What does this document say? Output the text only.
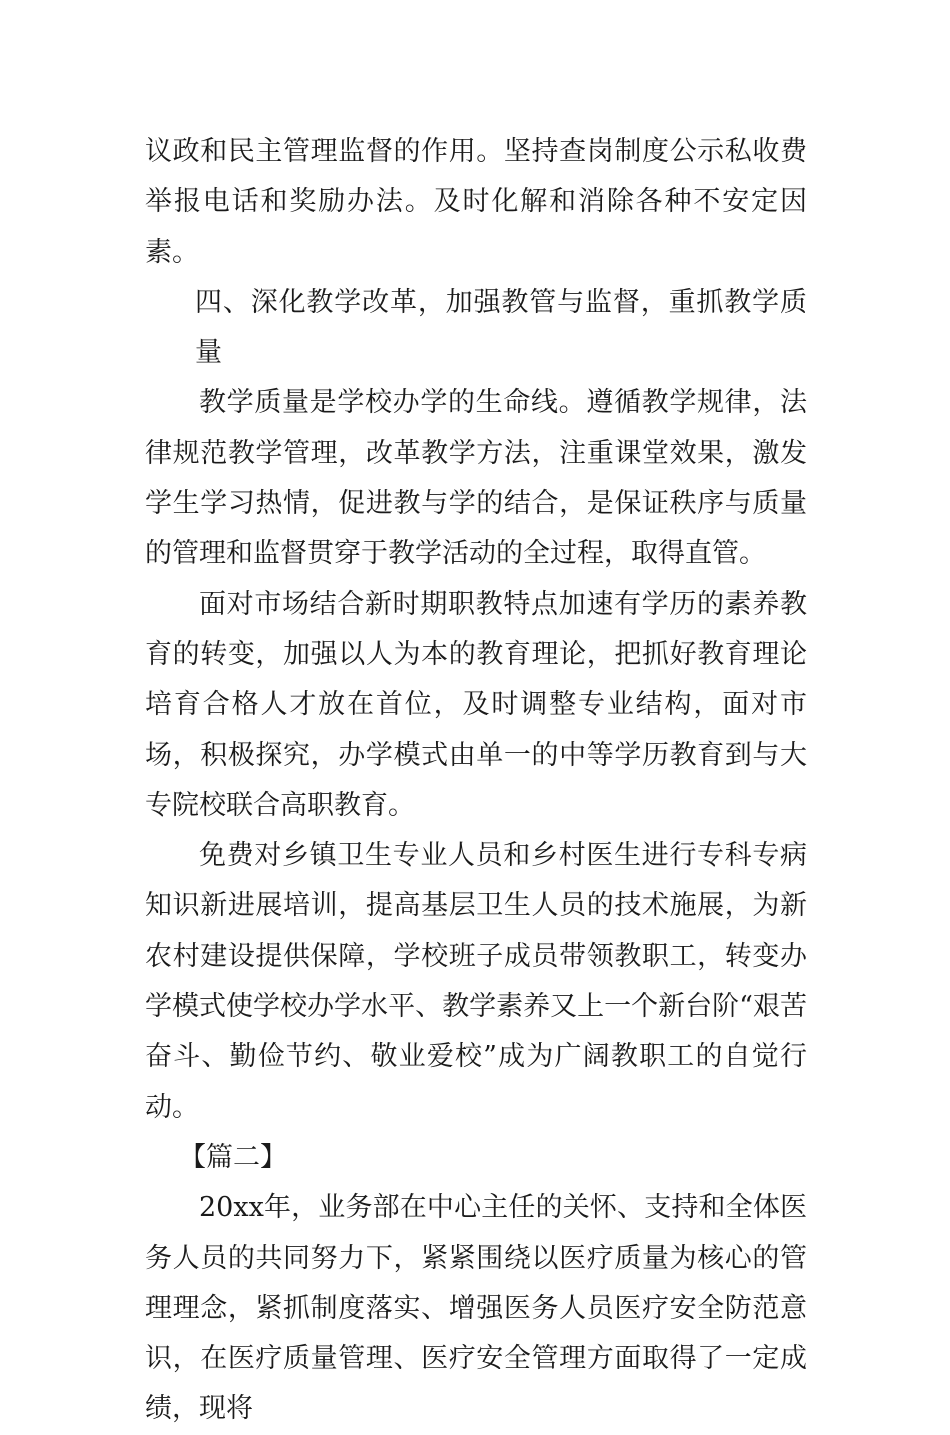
议政和民主管理监督的作用。坚持查岗制度公示私收费举报电话和奖励办法。及时化解和消除各种不安定因素。

四、深化教学改革，加强教管与监督，重抓教学质量

教学质量是学校办学的生命线。遵循教学规律，法律规范教学管理，改革教学方法，注重课堂效果，激发学生学习热情，促进教与学的结合，是保证秩序与质量的管理和监督贯穿于教学活动的全过程，取得直管。

面对市场结合新时期职教特点加速有学历的素养教育的转变，加强以人为本的教育理论，把抓好教育理论培育合格人才放在首位，及时调整专业结构，面对市场，积极探究，办学模式由单一的中等学历教育到与大专院校联合高职教育。

免费对乡镇卫生专业人员和乡村医生进行专科专病知识新进展培训，提高基层卫生人员的技术施展，为新农村建设提供保障，学校班子成员带领教职工，转变办学模式使学校办学水平、教学素养又上一个新台阶“艰苦奋斗、勤俭节约、敬业爱校”成为广阔教职工的自觉行动。

【篇二】

20xx年，业务部在中心主任的关怀、支持和全体医务人员的共同努力下，紧紧围绕以医疗质量为核心的管理理念，紧抓制度落实、增强医务人员医疗安全防范意识，在医疗质量管理、医疗安全管理方面取得了一定成绩，现将
